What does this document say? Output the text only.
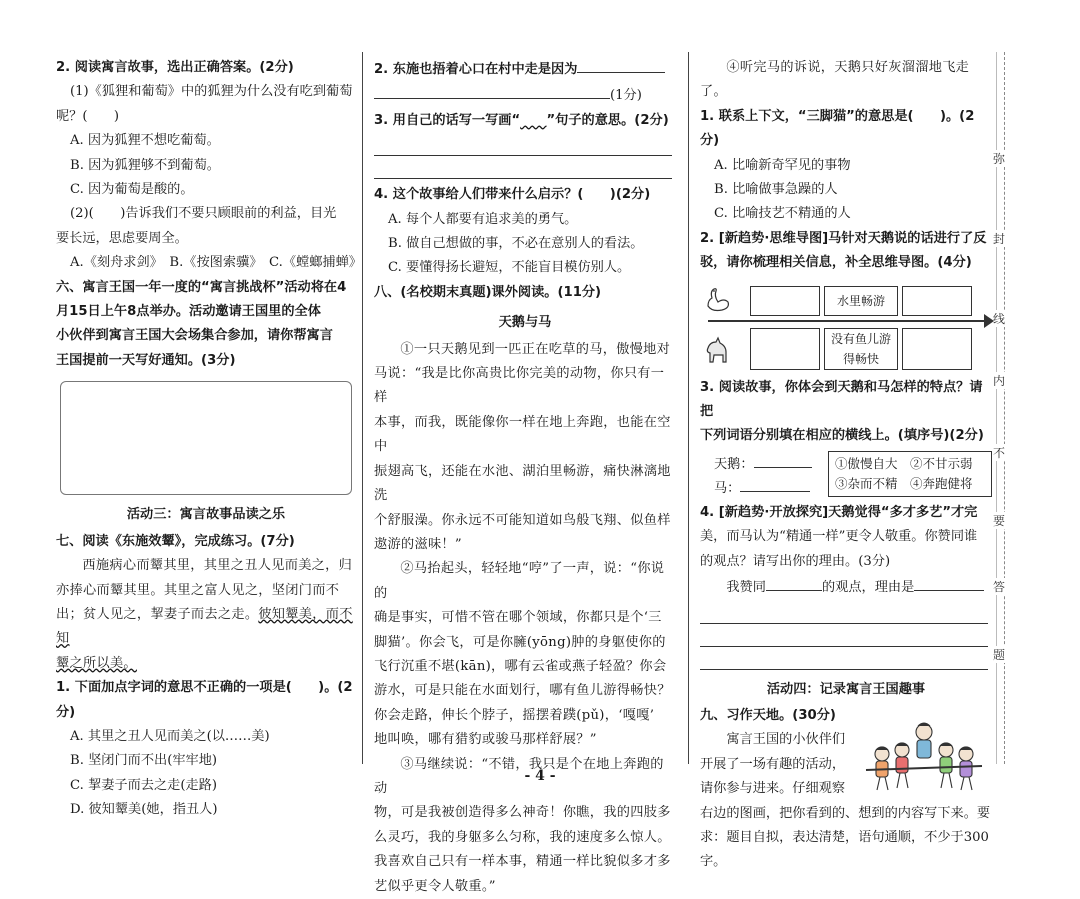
弥
封
线
内
不
要
答
题

2. 阅读寓言故事，选出正确答案。(2分)

(1)《狐狸和葡萄》中的狐狸为什么没有吃到葡萄

呢？(　　)

A. 因为狐狸不想吃葡萄。

B. 因为狐狸够不到葡萄。

C. 因为葡萄是酸的。

(2)(　　)告诉我们不要只顾眼前的利益，目光

要长远，思虑要周全。

A.《刻舟求剑》　B.《按图索骥》　C.《螳螂捕蝉》

六、寓言王国一年一度的“寓言挑战杯”活动将在4

月15日上午8点举办。活动邀请王国里的全体

小伙伴到寓言王国大会场集合参加，请你帮寓言

王国提前一天写好通知。(3分)

活动三：寓言故事品读之乐

七、阅读《东施效颦》，完成练习。(7分)

西施病心而颦其里，其里之丑人见而美之，归

亦捧心而颦其里。其里之富人见之，坚闭门而不

出；贫人见之，挈妻子而去之走。彼知颦美，而不知

颦之所以美。

1. 下面加点字词的意思不正确的一项是(　　)。(2分)

A. 其里之丑人见而美之(以……美)

B. 坚闭门而不出(牢牢地)

C. 挈妻子而去之走(走路)

D. 彼知颦美(她，指丑人)

2. 东施也捂着心口在村中走是因为

(1分)

3. 用自己的话写一写画“　　 ”句子的意思。(2分)

4. 这个故事给人们带来什么启示？(　　)(2分)

A. 每个人都要有追求美的勇气。

B. 做自己想做的事，不必在意别人的看法。

C. 要懂得扬长避短，不能盲目模仿别人。

八、(名校期末真题)课外阅读。(11分)

天鹅与马

①一只天鹅见到一匹正在吃草的马，傲慢地对

马说：“我是比你高贵比你完美的动物，你只有一样

本事，而我，既能像你一样在地上奔跑，也能在空中

振翅高飞，还能在水池、湖泊里畅游，痛快淋漓地洗

个舒服澡。你永远不可能知道如鸟般飞翔、似鱼样

遨游的滋味！”

②马抬起头，轻轻地“哼”了一声，说：“你说的

确是事实，可惜不管在哪个领域，你都只是个‘三

脚猫’。你会飞，可是你臃(yōng)肿的身躯使你的

飞行沉重不堪(kān)，哪有云雀或燕子轻盈？你会

游水，可是只能在水面划行，哪有鱼儿游得畅快？

你会走路，伸长个脖子，摇摆着蹼(pǔ)，‘嘎嘎’

地叫唤，哪有猎豹或骏马那样舒展？”

③马继续说：“不错，我只是个在地上奔跑的动

物，可是我被创造得多么神奇！你瞧，我的四肢多

么灵巧，我的身躯多么匀称，我的速度多么惊人。

我喜欢自己只有一样本事，精通一样比貌似多才多

艺似乎更令人敬重。”

④听完马的诉说，天鹅只好灰溜溜地飞走了。

1. 联系上下文，“三脚猫”的意思是(　　)。(2分)

A. 比喻新奇罕见的事物

B. 比喻做事急躁的人

C. 比喻技艺不精通的人

2. [新趋势·思维导图]马针对天鹅说的话进行了反

驳，请你梳理相关信息，补全思维导图。(4分)

水里畅游
没有鱼儿游
得畅快

3. 阅读故事，你体会到天鹅和马怎样的特点？请把

下列词语分别填在相应的横线上。(填序号)(2分)

天鹅：
马：
①傲慢自大　②不甘示弱
③杂而不精　④奔跑健将

4. [新趋势·开放探究]天鹅觉得“多才多艺”才完

美，而马认为“精通一样”更令人敬重。你赞同谁

的观点？请写出你的理由。(3分)

我赞同	的观点，理由是

活动四：记录寓言王国趣事

九、习作天地。(30分)

寓言王国的小伙伴们

开展了一场有趣的活动，

请你参与进来。仔细观察

右边的图画，把你看到的、想到的内容写下来。要

求：题目自拟，表达清楚，语句通顺，不少于300字。

- 4 -
